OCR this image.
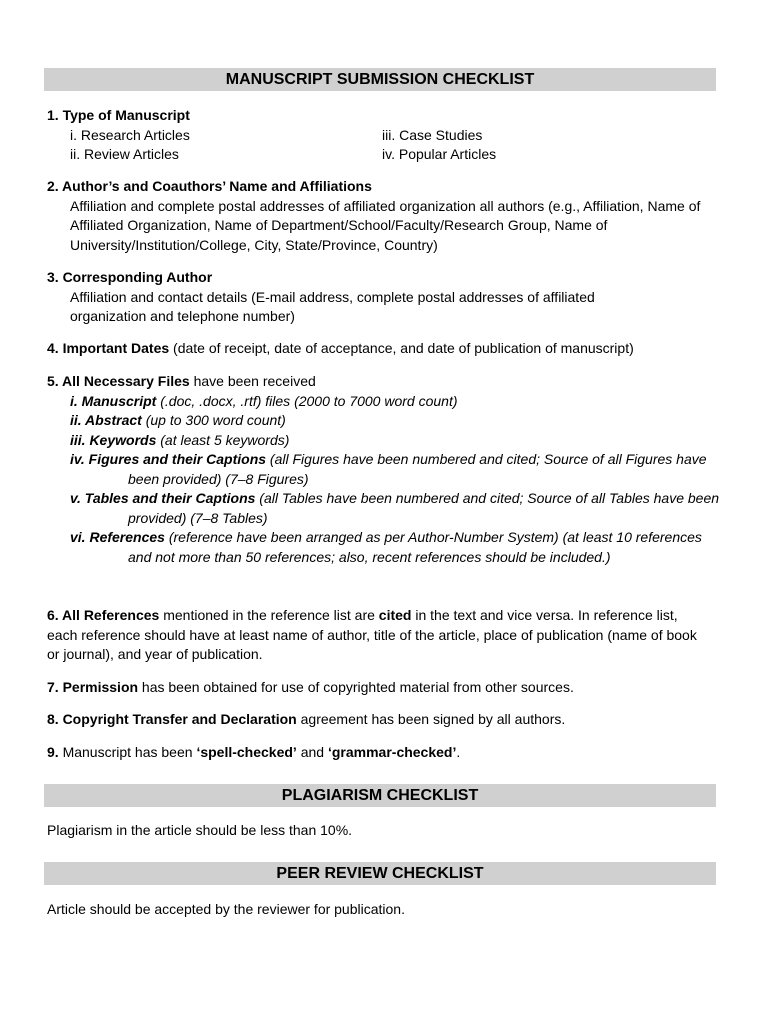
MANUSCRIPT SUBMISSION CHECKLIST
1. Type of Manuscript
i. Research Articles	iii. Case Studies
ii. Review Articles	iv. Popular Articles
2. Author’s and Coauthors’ Name and Affiliations
Affiliation and complete postal addresses of affiliated organization all authors (e.g., Affiliation, Name of Affiliated Organization, Name of Department/School/Faculty/Research Group, Name of University/Institution/College, City, State/Province, Country)
3. Corresponding Author
Affiliation and contact details (E-mail address, complete postal addresses of affiliated organization and telephone number)
4. Important Dates (date of receipt, date of acceptance, and date of publication of manuscript)
5. All Necessary Files have been received
i. Manuscript (.doc, .docx, .rtf) files (2000 to 7000 word count)
ii. Abstract (up to 300 word count)
iii. Keywords (at least 5 keywords)
iv. Figures and their Captions (all Figures have been numbered and cited; Source of all Figures have been provided) (7–8 Figures)
v. Tables and their Captions (all Tables have been numbered and cited; Source of all Tables have been provided) (7–8 Tables)
vi. References (reference have been arranged as per Author-Number System) (at least 10 references and not more than 50 references; also, recent references should be included.)
6. All References mentioned in the reference list are cited in the text and vice versa. In reference list, each reference should have at least name of author, title of the article, place of publication (name of book or journal), and year of publication.
7. Permission has been obtained for use of copyrighted material from other sources.
8. Copyright Transfer and Declaration agreement has been signed by all authors.
9. Manuscript has been ‘spell-checked’ and ‘grammar-checked’.
PLAGIARISM CHECKLIST
Plagiarism in the article should be less than 10%.
PEER REVIEW CHECKLIST
Article should be accepted by the reviewer for publication.
